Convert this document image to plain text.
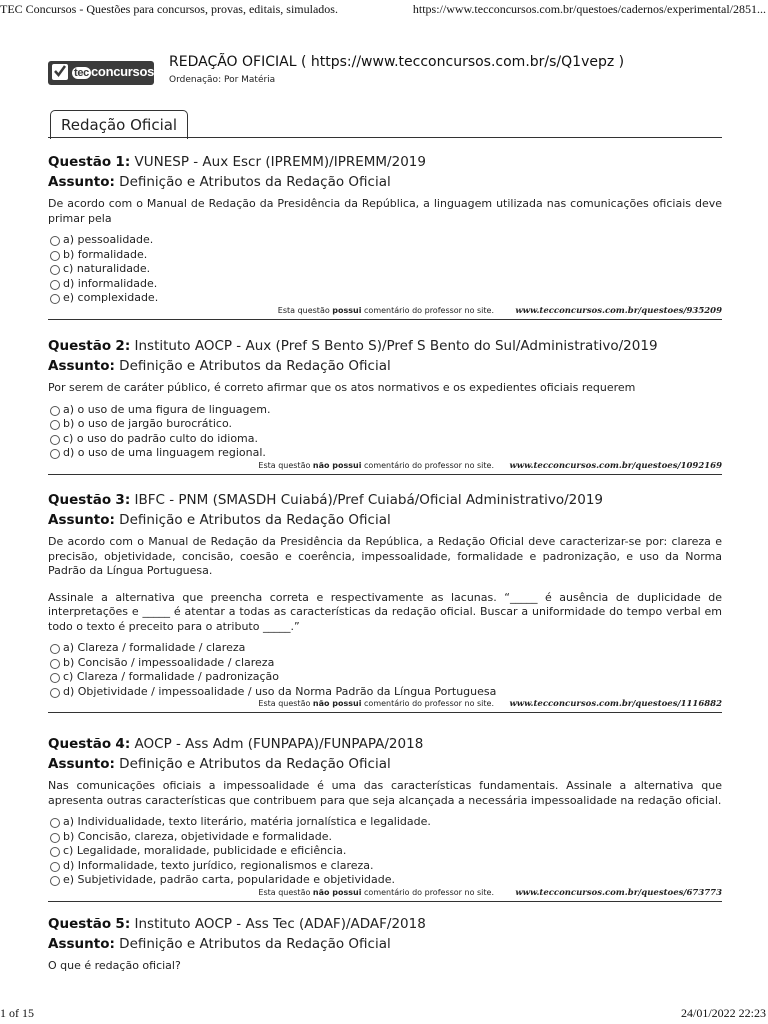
TEC Concursos - Questões para concursos, provas, editais, simulados.	https://www.tecconcursos.com.br/questoes/cadernos/experimental/2851...
tec concursos
REDAÇÃO OFICIAL ( https://www.tecconcursos.com.br/s/Q1vepz )
Ordenação: Por Matéria
Redação Oficial
Questão 1: VUNESP - Aux Escr (IPREMM)/IPREMM/2019
Assunto: Definição e Atributos da Redação Oficial
De acordo com o Manual de Redação da Presidência da República, a linguagem utilizada nas comunicações oficiais deve primar pela
a) pessoalidade.
b) formalidade.
c) naturalidade.
d) informalidade.
e) complexidade.
Esta questão possui comentário do professor no site.	www.tecconcursos.com.br/questoes/935209
Questão 2: Instituto AOCP - Aux (Pref S Bento S)/Pref S Bento do Sul/Administrativo/2019
Assunto: Definição e Atributos da Redação Oficial
Por serem de caráter público, é correto afirmar que os atos normativos e os expedientes oficiais requerem
a) o uso de uma figura de linguagem.
b) o uso de jargão burocrático.
c) o uso do padrão culto do idioma.
d) o uso de uma linguagem regional.
Esta questão não possui comentário do professor no site. www.tecconcursos.com.br/questoes/1092169
Questão 3: IBFC - PNM (SMASDH Cuiabá)/Pref Cuiabá/Oficial Administrativo/2019
Assunto: Definição e Atributos da Redação Oficial
De acordo com o Manual de Redação da Presidência da República, a Redação Oficial deve caracterizar-se por: clareza e precisão, objetividade, concisão, coesão e coerência, impessoalidade, formalidade e padronização, e uso da Norma Padrão da Língua Portuguesa.
Assinale a alternativa que preencha correta e respectivamente as lacunas. “_____ é ausência de duplicidade de interpretações e _____ é atentar a todas as características da redação oficial. Buscar a uniformidade do tempo verbal em todo o texto é preceito para o atributo _____.”
a) Clareza / formalidade / clareza
b) Concisão / impessoalidade / clareza
c) Clareza / formalidade / padronização
d) Objetividade / impessoalidade / uso da Norma Padrão da Língua Portuguesa
Esta questão não possui comentário do professor no site. www.tecconcursos.com.br/questoes/1116882
Questão 4: AOCP - Ass Adm (FUNPAPA)/FUNPAPA/2018
Assunto: Definição e Atributos da Redação Oficial
Nas comunicações oficiais a impessoalidade é uma das características fundamentais. Assinale a alternativa que apresenta outras características que contribuem para que seja alcançada a necessária impessoalidade na redação oficial.
a) Individualidade, texto literário, matéria jornalística e legalidade.
b) Concisão, clareza, objetividade e formalidade.
c) Legalidade, moralidade, publicidade e eficiência.
d) Informalidade, texto jurídico, regionalismos e clareza.
e) Subjetividade, padrão carta, popularidade e objetividade.
Esta questão não possui comentário do professor no site.	www.tecconcursos.com.br/questoes/673773
Questão 5: Instituto AOCP - Ass Tec (ADAF)/ADAF/2018
Assunto: Definição e Atributos da Redação Oficial
O que é redação oficial?
1 of 15	24/01/2022 22:23
